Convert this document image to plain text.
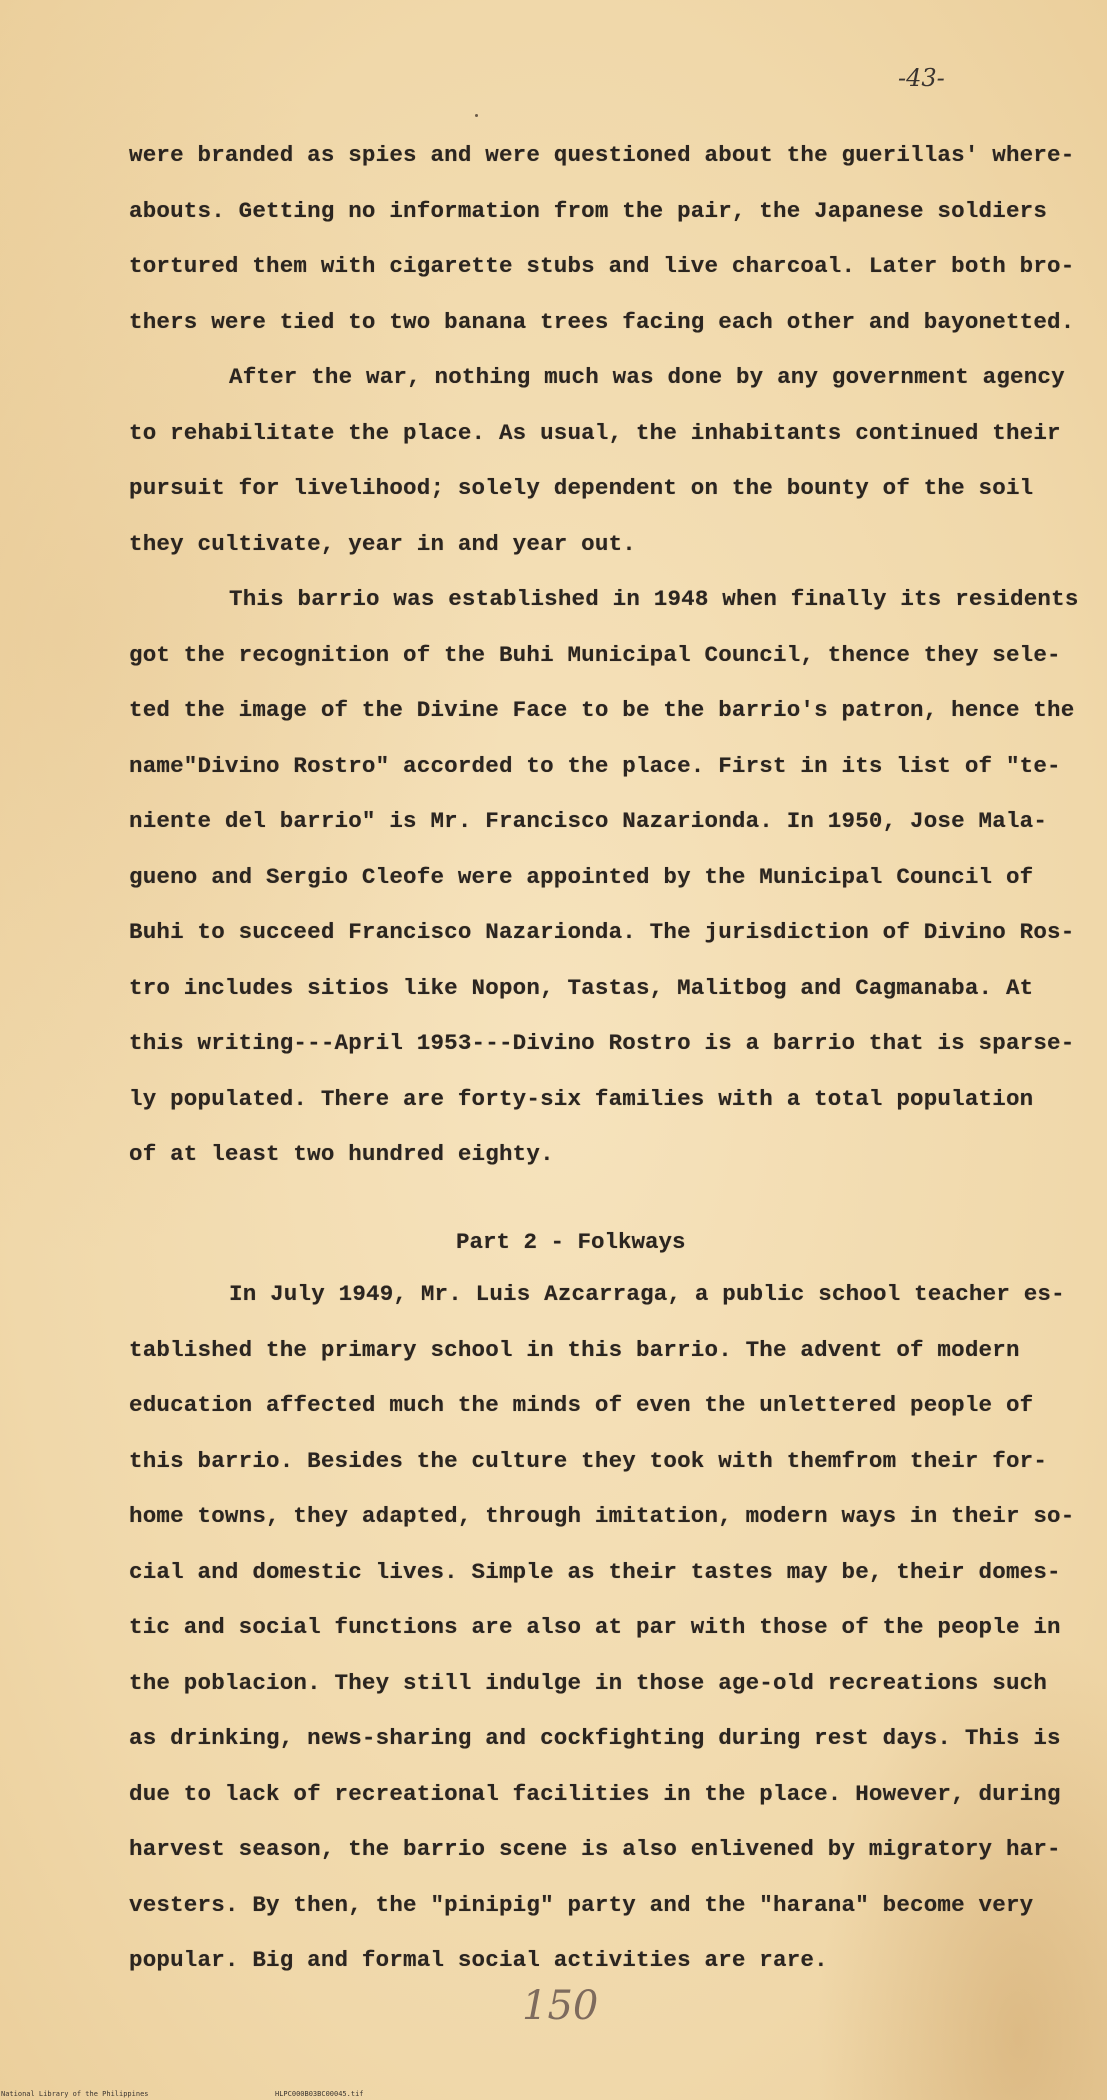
-43-
were branded as spies and were questioned about the guerillas' where-
abouts. Getting no information from the pair, the Japanese soldiers
tortured them with cigarette stubs and live charcoal. Later both bro-
thers were tied to two banana trees facing each other and bayonetted.
After the war, nothing much was done by any government agency
to rehabilitate the place. As usual, the inhabitants continued their
pursuit for livelihood; solely dependent on the bounty of the soil
they cultivate, year in and year out.
This barrio was established in 1948 when finally its residents
got the recognition of the Buhi Municipal Council, thence they sele-
ted the image of the Divine Face to be the barrio's patron, hence the
name"Divino Rostro" accorded to the place. First in its list of "te-
niente del barrio" is Mr. Francisco Nazarionda. In 1950, Jose Mala-
gueno and Sergio Cleofe were appointed by the Municipal Council of
Buhi to succeed Francisco Nazarionda. The jurisdiction of Divino Ros-
tro includes sitios like Nopon, Tastas, Malitbog and Cagmanaba. At
this writing---April 1953---Divino Rostro is a barrio that is sparse-
ly populated. There are forty-six families with a total population
of at least two hundred eighty.
Part 2 - Folkways
In July 1949, Mr. Luis Azcarraga, a public school teacher es-
tablished the primary school in this barrio. The advent of modern
education affected much the minds of even the unlettered people of
this barrio. Besides the culture they took with themfrom their for-
home towns, they adapted, through imitation, modern ways in their so-
cial and domestic lives. Simple as their tastes may be, their domes-
tic and social functions are also at par with those of the people in
the poblacion. They still indulge in those age-old recreations such
as drinking, news-sharing and cockfighting during rest days. This is
due to lack of recreational facilities in the place. However, during
harvest season, the barrio scene is also enlivened by migratory har-
vesters. By then, the "pinipig" party and the "harana" become very
popular. Big and formal social activities are rare.
150
National Library of the Philippines	HLPC000B03BC00045.tif
